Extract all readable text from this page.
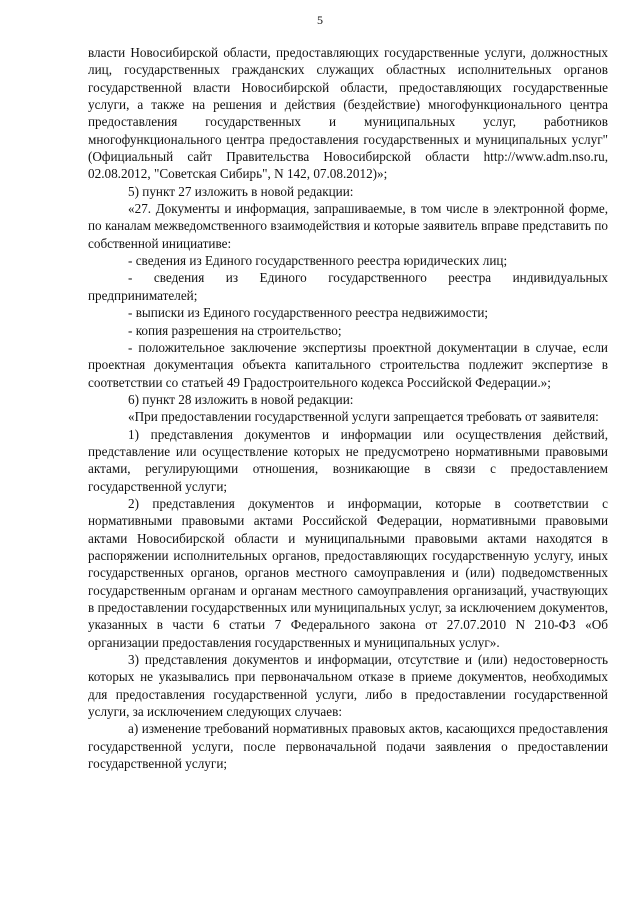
5

власти Новосибирской области, предоставляющих государственные услуги, должностных лиц, государственных гражданских служащих областных исполнительных органов государственной власти Новосибирской области, предоставляющих государственные услуги, а также на решения и действия (бездействие) многофункционального центра предоставления государственных и муниципальных услуг, работников многофункционального центра предоставления государственных и муниципальных услуг" (Официальный сайт Правительства Новосибирской области http://www.adm.nso.ru, 02.08.2012, "Советская Сибирь", N 142, 07.08.2012)»;

5) пункт 27 изложить в новой редакции:

«27. Документы и информация, запрашиваемые, в том числе в электронной форме, по каналам межведомственного взаимодействия и которые заявитель вправе представить по собственной инициативе:

- сведения из Единого государственного реестра юридических лиц;

- сведения из Единого государственного реестра индивидуальных предпринимателей;

- выписки из Единого государственного реестра недвижимости;

- копия разрешения на строительство;

- положительное заключение экспертизы проектной документации в случае, если проектная документация объекта капитального строительства подлежит экспертизе в соответствии со статьей 49 Градостроительного кодекса Российской Федерации.»;

6) пункт 28 изложить в новой редакции:

«При предоставлении государственной услуги запрещается требовать от заявителя:

1) представления документов и информации или осуществления действий, представление или осуществление которых не предусмотрено нормативными правовыми актами, регулирующими отношения, возникающие в связи с предоставлением государственной услуги;

2) представления документов и информации, которые в соответствии с нормативными правовыми актами Российской Федерации, нормативными правовыми актами Новосибирской области и муниципальными правовыми актами находятся в распоряжении исполнительных органов, предоставляющих государственную услугу, иных государственных органов, органов местного самоуправления и (или) подведомственных государственным органам и органам местного самоуправления организаций, участвующих в предоставлении государственных или муниципальных услуг, за исключением документов, указанных в части 6 статьи 7 Федерального закона от 27.07.2010 N 210-ФЗ «Об организации предоставления государственных и муниципальных услуг».

3) представления документов и информации, отсутствие и (или) недостоверность которых не указывались при первоначальном отказе в приеме документов, необходимых для предоставления государственной услуги, либо в предоставлении государственной услуги, за исключением следующих случаев:

а) изменение требований нормативных правовых актов, касающихся предоставления государственной услуги, после первоначальной подачи заявления о предоставлении государственной услуги;
